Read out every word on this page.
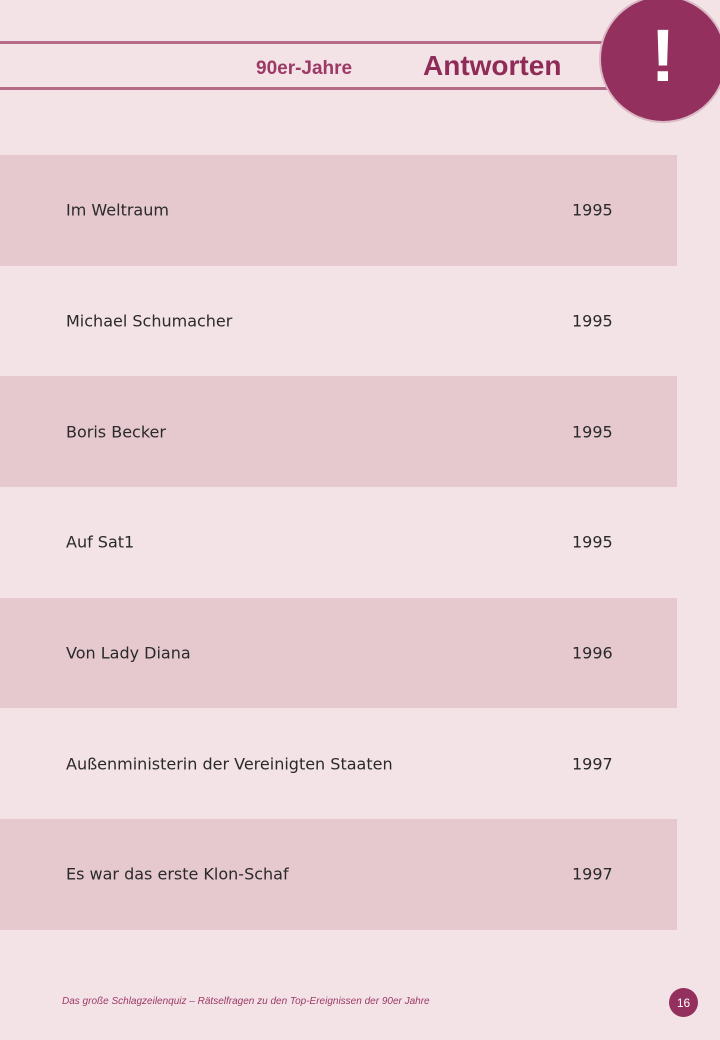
90er-Jahre	Antworten !
Im Weltraum	1995
Michael Schumacher	1995
Boris Becker	1995
Auf Sat1	1995
Von Lady Diana	1996
Außenministerin der Vereinigten Staaten	1997
Es war das erste Klon-Schaf	1997
Das große Schlagzeilenquiz – Rätselfragen zu den Top-Ereignissen der 90er Jahre	16
